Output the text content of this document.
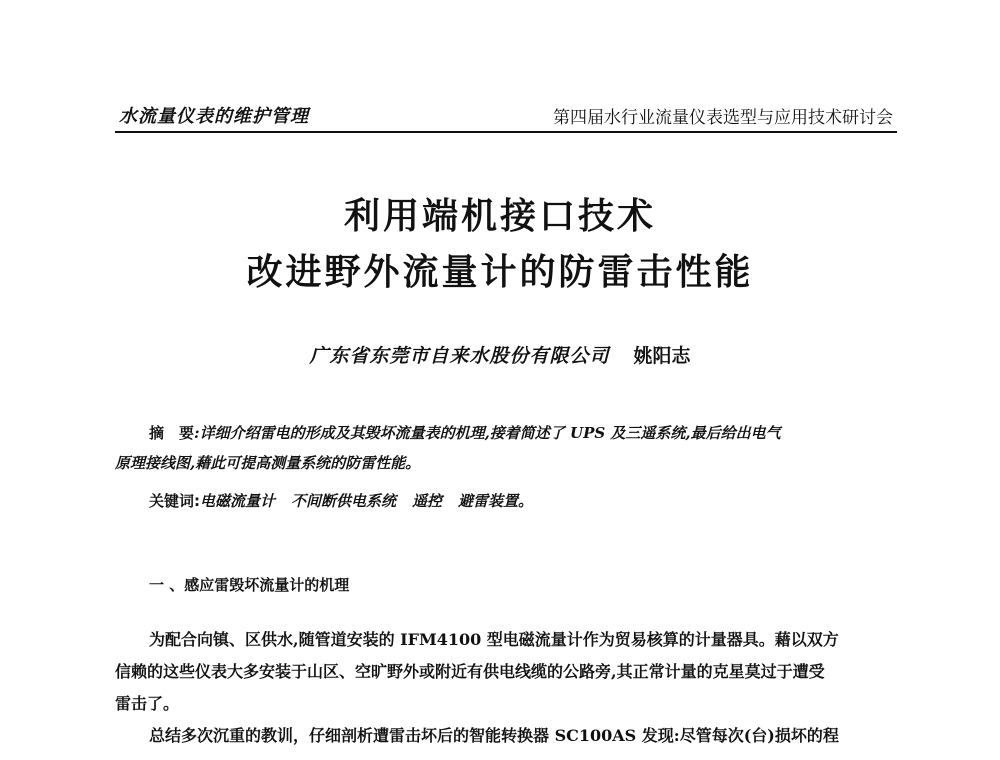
水流量仪表的维护管理	第四届水行业流量仪表选型与应用技术研讨会
利用端机接口技术
改进野外流量计的防雷击性能
广东省东莞市自来水股份有限公司 姚阳志
摘　要:详细介绍雷电的形成及其毁坏流量表的机理,接着简述了 UPS 及三遥系统,最后给出电气
原理接线图,藉此可提高测量系统的防雷性能。
关键词:电磁流量计 不间断供电系统 遥控 避雷装置。
一 、感应雷毁坏流量计的机理
为配合向镇、区供水,随管道安装的 IFM4100 型电磁流量计作为贸易核算的计量器具。藉以双方
信赖的这些仪表大多安装于山区、空旷野外或附近有供电线缆的公路旁,其正常计量的克星莫过于遭受
雷击了。
总结多次沉重的教训，仔细剖析遭雷击坏后的智能转换器 SC100AS 发现:尽管每次(台)损坏的程
